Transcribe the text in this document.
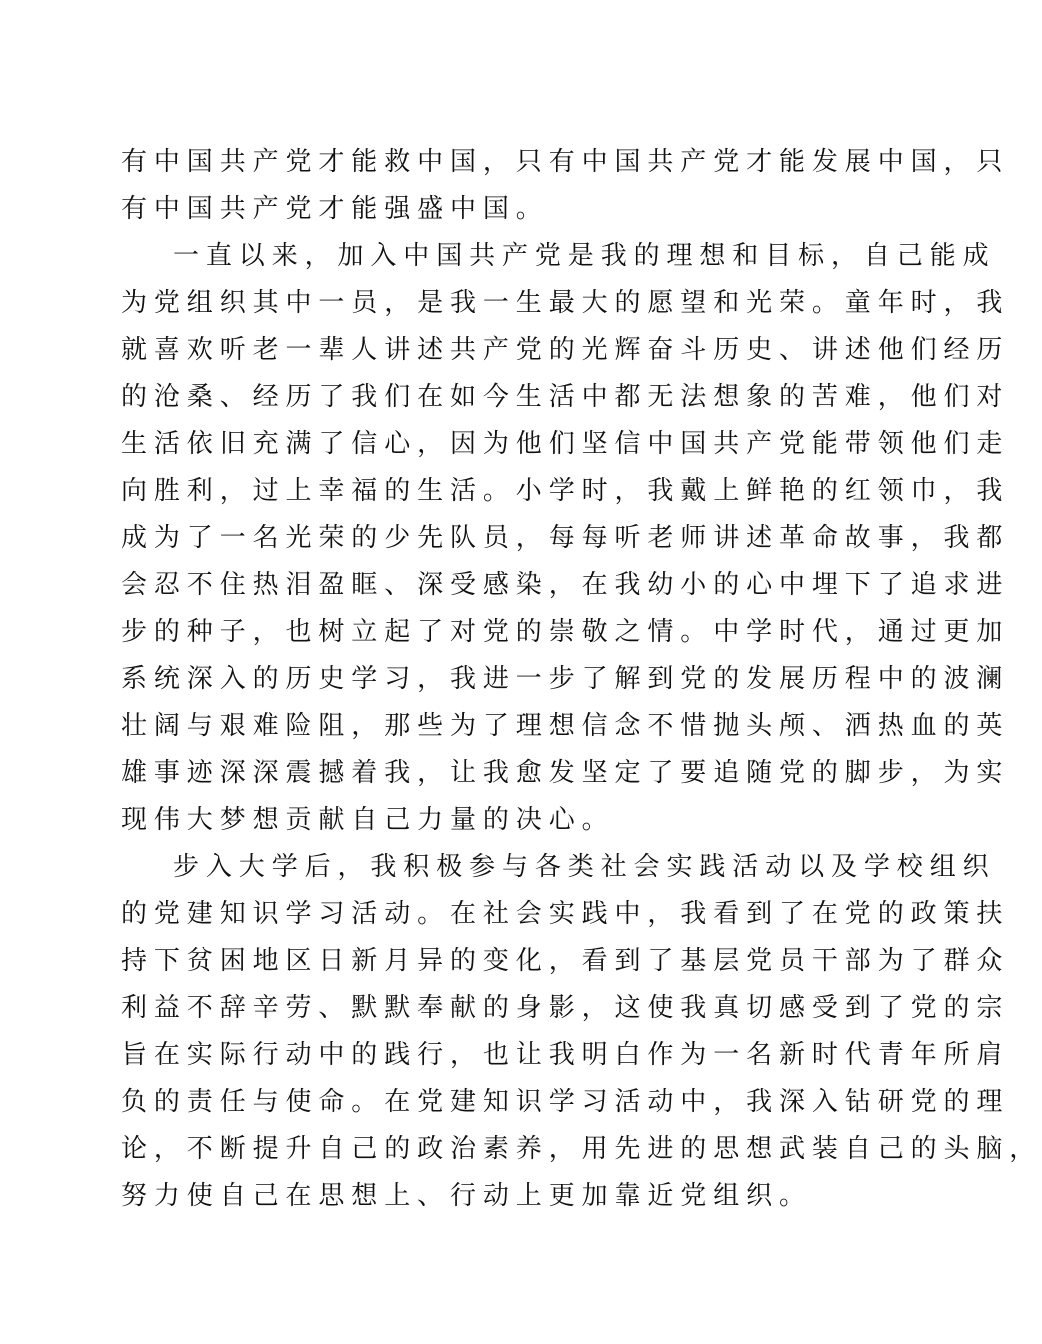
有中国共产党才能救中国，只有中国共产党才能发展中国，只
有中国共产党才能强盛中国。
一直以来，加入中国共产党是我的理想和目标，自己能成
为党组织其中一员，是我一生最大的愿望和光荣。童年时，我
就喜欢听老一辈人讲述共产党的光辉奋斗历史、讲述他们经历
的沧桑、经历了我们在如今生活中都无法想象的苦难，他们对
生活依旧充满了信心，因为他们坚信中国共产党能带领他们走
向胜利，过上幸福的生活。小学时，我戴上鲜艳的红领巾，我
成为了一名光荣的少先队员，每每听老师讲述革命故事，我都
会忍不住热泪盈眶、深受感染，在我幼小的心中埋下了追求进
步的种子，也树立起了对党的崇敬之情。中学时代，通过更加
系统深入的历史学习，我进一步了解到党的发展历程中的波澜
壮阔与艰难险阻，那些为了理想信念不惜抛头颅、洒热血的英
雄事迹深深震撼着我，让我愈发坚定了要追随党的脚步，为实
现伟大梦想贡献自己力量的决心。
步入大学后，我积极参与各类社会实践活动以及学校组织
的党建知识学习活动。在社会实践中，我看到了在党的政策扶
持下贫困地区日新月异的变化，看到了基层党员干部为了群众
利益不辞辛劳、默默奉献的身影，这使我真切感受到了党的宗
旨在实际行动中的践行，也让我明白作为一名新时代青年所肩
负的责任与使命。在党建知识学习活动中，我深入钻研党的理
论，不断提升自己的政治素养，用先进的思想武装自己的头脑，
努力使自己在思想上、行动上更加靠近党组织。
